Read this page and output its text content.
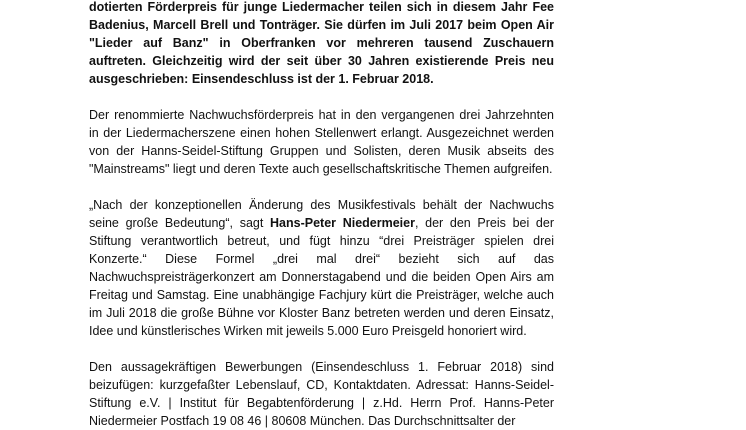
dotierten Förderpreis für junge Liedermacher teilen sich in diesem Jahr Fee Badenius, Marcell Brell und Tonträger. Sie dürfen im Juli 2017 beim Open Air "Lieder auf Banz" in Oberfranken vor mehreren tausend Zuschauern auftreten. Gleichzeitig wird der seit über 30 Jahren existierende Preis neu ausgeschrieben: Einsendeschluss ist der 1. Februar 2018.

Der renommierte Nachwuchsförderpreis hat in den vergangenen drei Jahrzehnten in der Liedermacherszene einen hohen Stellenwert erlangt. Ausgezeichnet werden von der Hanns-Seidel-Stiftung Gruppen und Solisten, deren Musik abseits des "Mainstreams" liegt und deren Texte auch gesellschaftskritische Themen aufgreifen.

„Nach der konzeptionellen Änderung des Musikfestivals behält der Nachwuchs seine große Bedeutung“, sagt Hans-Peter Niedermeier, der den Preis bei der Stiftung verantwortlich betreut, und fügt hinzu “drei Preisträger spielen drei Konzerte.“ Diese Formel „drei mal drei“ bezieht sich auf das Nachwuchspreisträgerkonzert am Donnerstagabend und die beiden Open Airs am Freitag und Samstag. Eine unabhängige Fachjury kürt die Preisträger, welche auch im Juli 2018 die große Bühne vor Kloster Banz betreten werden und deren Einsatz, Idee und künstlerisches Wirken mit jeweils 5.000 Euro Preisgeld honoriert wird.

Den aussagekräftigen Bewerbungen (Einsendeschluss 1. Februar 2018) sind beizufügen: kurzgefaßter Lebenslauf, CD, Kontaktdaten. Adressat: Hanns-Seidel-Stiftung e.V. | Institut für Begabtenförderung | z.Hd. Herrn Prof. Hanns-Peter Niedermeier Postfach 19 08 46 | 80608 München. Das Durchschnittsalter der
